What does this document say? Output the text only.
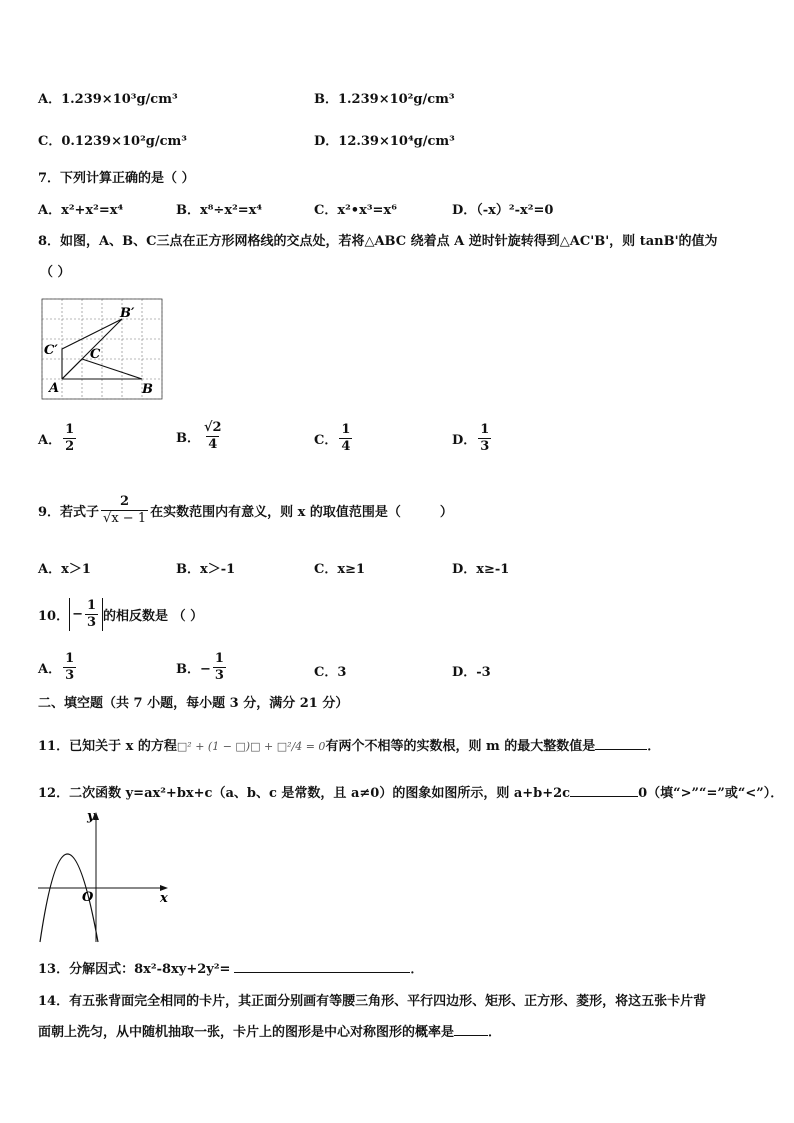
A．1.239×10³g/cm³	B．1.239×10²g/cm³
C．0.1239×10²g/cm³	D．12.39×10⁴g/cm³
7．下列计算正确的是（ ）
A．x²+x²=x⁴	B．x⁸÷x²=x⁴	C．x²•x³=x⁶	D．（-x）²-x²=0
8．如图，A、B、C三点在正方形网格线的交点处，若将△ABC 绕着点 A 逆时针旋转得到△AC'B'，则 tanB'的值为
（ ）
A	B
C
C′
B′
A． $\frac{1}{2}$	B． $\frac{√2}{4}$	C． $\frac{1}{4}$	D． $\frac{1}{3}$
9．若式子 $\frac{2}{√x - 1}$ 在实数范围内有意义，则 x 的取值范围是（　　　）
A．x＞1	B．x＞-1	C．x≥1	D．x≥-1
10． − $\frac{1}{3}$ 的相反数是 （ ）
A． $\frac{1}{3}$	B．− $\frac{1}{3}$	C．3	D．-3
二、填空题（共 7 小题，每小题 3 分，满分 21 分）
11．已知关于 x 的方程□² + (1 − □)□ + □²/4 = 0有两个不相等的实数根，则 m 的最大整数值是	．
12．二次函数 y=ax²+bx+c（a、b、c 是常数，且 a≠0）的图象如图所示，则 a+b+2c	0（填“>”“=”或“<”）．
y
x
O
13．分解因式：8x²-8xy+2y²=	．
14．有五张背面完全相同的卡片，其正面分别画有等腰三角形、平行四边形、矩形、正方形、菱形，将这五张卡片背
面朝上洗匀，从中随机抽取一张，卡片上的图形是中心对称图形的概率是	．
